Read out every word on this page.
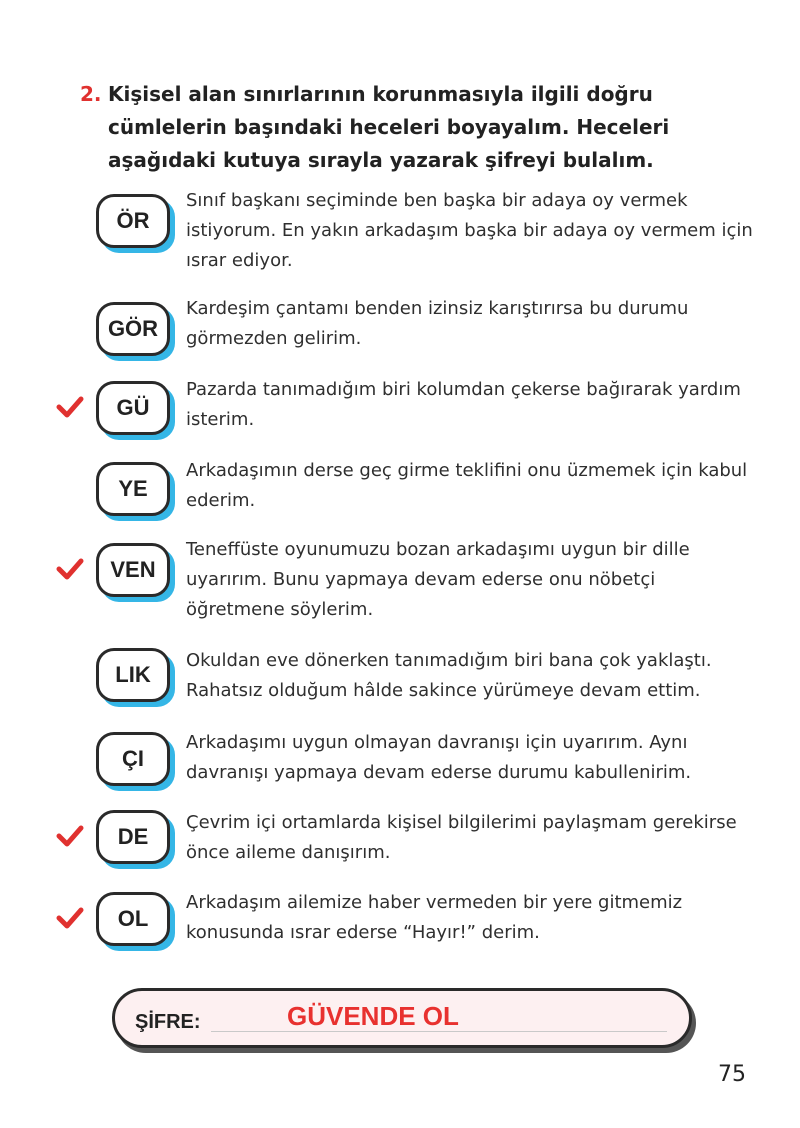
2. Kişisel alan sınırlarının korunmasıyla ilgili doğru cümlelerin başındaki heceleri boyayalım. Heceleri aşağıdaki kutuya sırayla yazarak şifreyi bulalım.
ÖR
Sınıf başkanı seçiminde ben başka bir adaya oy vermek istiyorum. En yakın arkadaşım başka bir adaya oy vermem için ısrar ediyor.
GÖR
Kardeşim çantamı benden izinsiz karıştırırsa bu durumu görmezden gelirim.
GÜ
Pazarda tanımadığım biri kolumdan çekerse bağırarak yardım isterim.
YE
Arkadaşımın derse geç girme teklifini onu üzmemek için kabul ederim.
VEN
Teneffüste oyunumuzu bozan arkadaşımı uygun bir dille uyarırım. Bunu yapmaya devam ederse onu nöbetçi öğretmene söylerim.
LIK
Okuldan eve dönerken tanımadığım biri bana çok yaklaştı. Rahatsız olduğum hâlde sakince yürümeye devam ettim.
ÇI
Arkadaşımı uygun olmayan davranışı için uyarırım. Aynı davranışı yapmaya devam ederse durumu kabullenirim.
DE
Çevrim içi ortamlarda kişisel bilgilerimi paylaşmam gerekirse önce aileme danışırım.
OL
Arkadaşım ailemize haber vermeden bir yere gitmemiz konusunda ısrar ederse “Hayır!” derim.
ŞİFRE:	GÜVENDE OL
75
